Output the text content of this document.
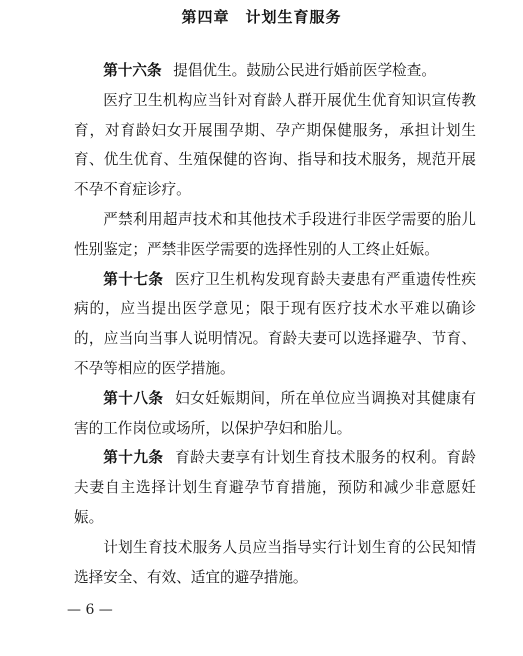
第四章　计划生育服务

第十六条 提倡优生。鼓励公民进行婚前医学检查。

医疗卫生机构应当针对育龄人群开展优生优育知识宣传教育，对育龄妇女开展围孕期、孕产期保健服务，承担计划生育、优生优育、生殖保健的咨询、指导和技术服务，规范开展不孕不育症诊疗。

严禁利用超声技术和其他技术手段进行非医学需要的胎儿性别鉴定；严禁非医学需要的选择性别的人工终止妊娠。

第十七条 医疗卫生机构发现育龄夫妻患有严重遗传性疾病的，应当提出医学意见；限于现有医疗技术水平难以确诊的，应当向当事人说明情况。育龄夫妻可以选择避孕、节育、不孕等相应的医学措施。

第十八条 妇女妊娠期间，所在单位应当调换对其健康有害的工作岗位或场所，以保护孕妇和胎儿。

第十九条 育龄夫妻享有计划生育技术服务的权利。育龄夫妻自主选择计划生育避孕节育措施，预防和减少非意愿妊娠。

计划生育技术服务人员应当指导实行计划生育的公民知情选择安全、有效、适宜的避孕措施。

— 6 —
